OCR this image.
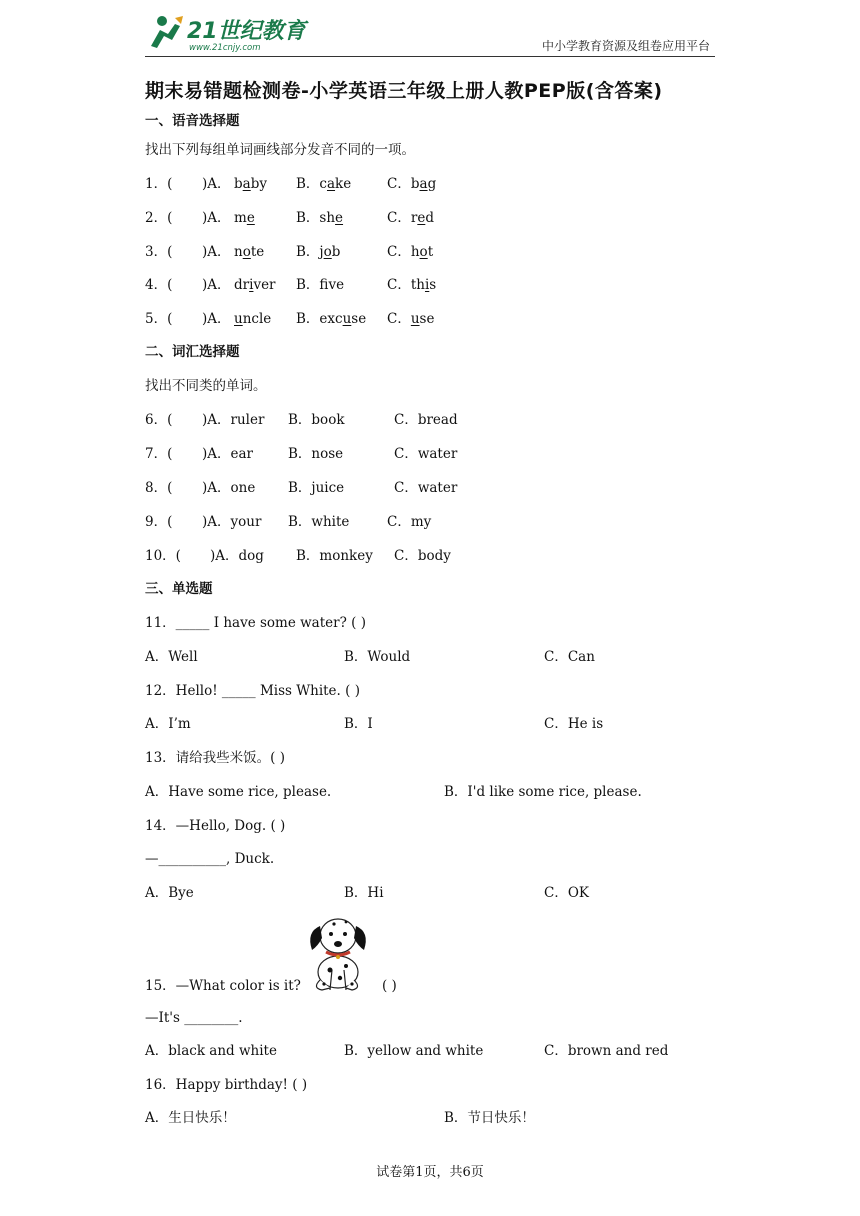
21世纪教育
www.21cnjy.com	中小学教育资源及组卷应用平台
期末易错题检测卷-小学英语三年级上册人教PEP版(含答案)
一、语音选择题
找出下列每组单词画线部分发音不同的一项。
1．( )A． baby B．cake	C．bag
2．( )A． me	B．she	C．red
3．( )A． note B．job	C．hot
4．( )A． driver B．fve	C．this
5．( )A． uncle B．excuse C．use
二、词汇选择题
找出不同类的单词。
6．( )A．ruler B．book	C．bread
7．( )A．ear	B．nose	C．water
8．( )A．one B．juice	C．water
9．( )A．your B．white	C．my
10．( )A．dog B．monkey C．body
三、单选题
11．_____ I have some water? ( )
A．Well	B．Would	C．Can
12．Hello! _____ Miss White. ( )
A．I’m	B．I	C．He is
13．请给我些米饭。( )
A．Have some rice, please.	B．I'd like some rice, please.
14．—Hello, Dog. ( )
—__________, Duck.
A．Bye	B．Hi	C．OK
15．—What color is it?	( )
—It's ________.
A．black and white	B．yellow and white	C．brown and red
16．Happy birthday! ( )
A．生日快乐！	B．节日快乐！
试卷第1页，共6页
